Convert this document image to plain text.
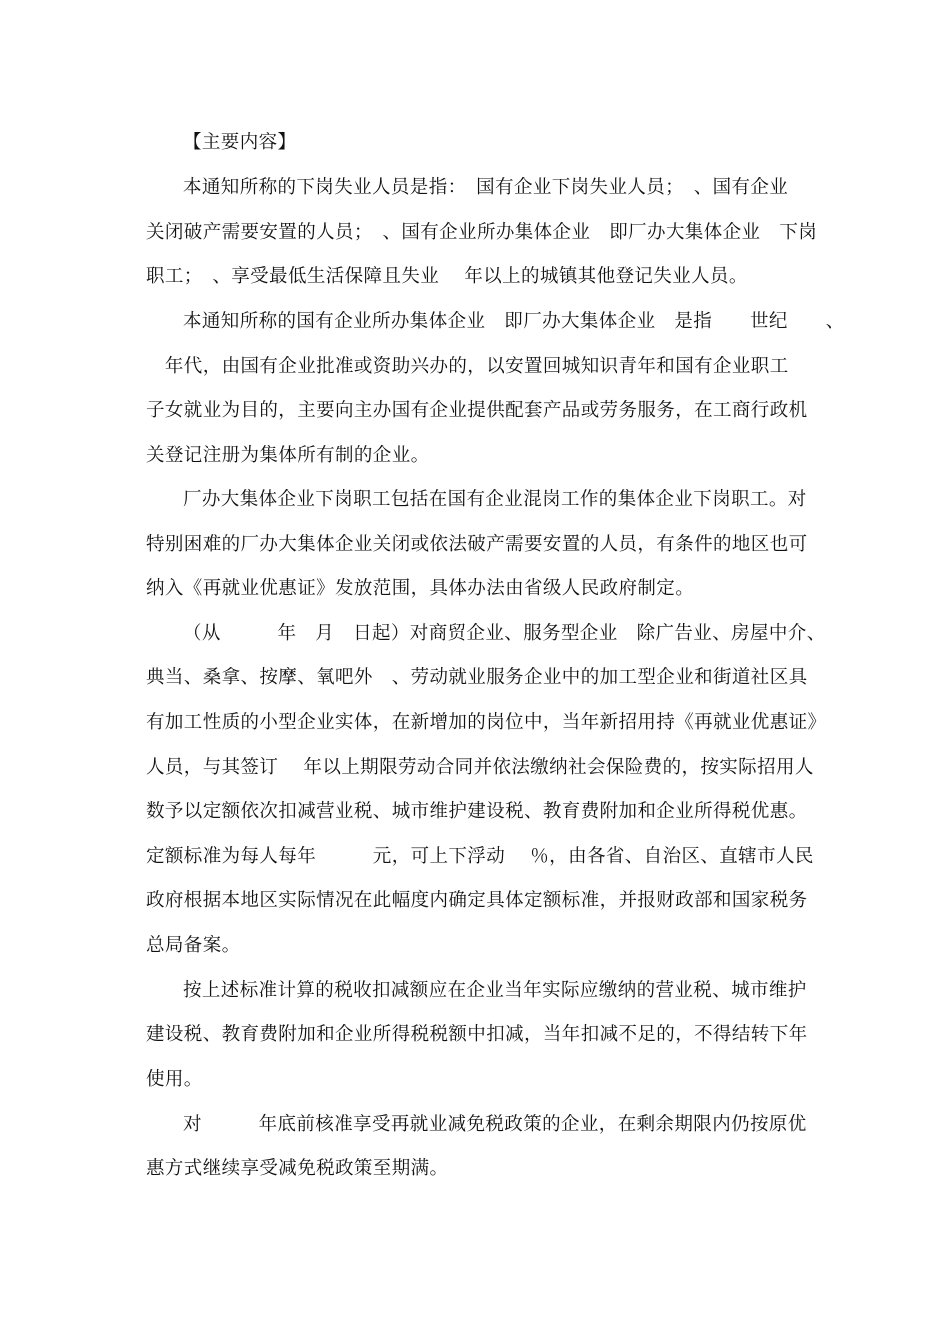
【主要内容】
本通知所称的下岗失业人员是指：　国有企业下岗失业人员；　、国有企业
关闭破产需要安置的人员；　、国有企业所办集体企业　即厂办大集体企业　下岗
职工；　、享受最低生活保障且失业　 年以上的城镇其他登记失业人员。
本通知所称的国有企业所办集体企业　即厂办大集体企业　是指　　世纪　　、
　年代，由国有企业批准或资助兴办的，以安置回城知识青年和国有企业职工
子女就业为目的，主要向主办国有企业提供配套产品或劳务服务，在工商行政机
关登记注册为集体所有制的企业。
厂办大集体企业下岗职工包括在国有企业混岗工作的集体企业下岗职工。对
特别困难的厂办大集体企业关闭或依法破产需要安置的人员，有条件的地区也可
纳入《再就业优惠证》发放范围，具体办法由省级人民政府制定。
（从　　　年　月　日起）对商贸企业、服务型企业　除广告业、房屋中介、
典当、桑拿、按摩、氧吧外　、劳动就业服务企业中的加工型企业和街道社区具
有加工性质的小型企业实体，在新增加的岗位中，当年新招用持《再就业优惠证》
人员，与其签订　 年以上期限劳动合同并依法缴纳社会保险费的，按实际招用人
数予以定额依次扣减营业税、城市维护建设税、教育费附加和企业所得税优惠。
定额标准为每人每年　　　元，可上下浮动　 ％，由各省、自治区、直辖市人民
政府根据本地区实际情况在此幅度内确定具体定额标准，并报财政部和国家税务
总局备案。
按上述标准计算的税收扣减额应在企业当年实际应缴纳的营业税、城市维护
建设税、教育费附加和企业所得税税额中扣减，当年扣减不足的，不得结转下年
使用。
对　　　年底前核准享受再就业减免税政策的企业，在剩余期限内仍按原优
惠方式继续享受减免税政策至期满。
